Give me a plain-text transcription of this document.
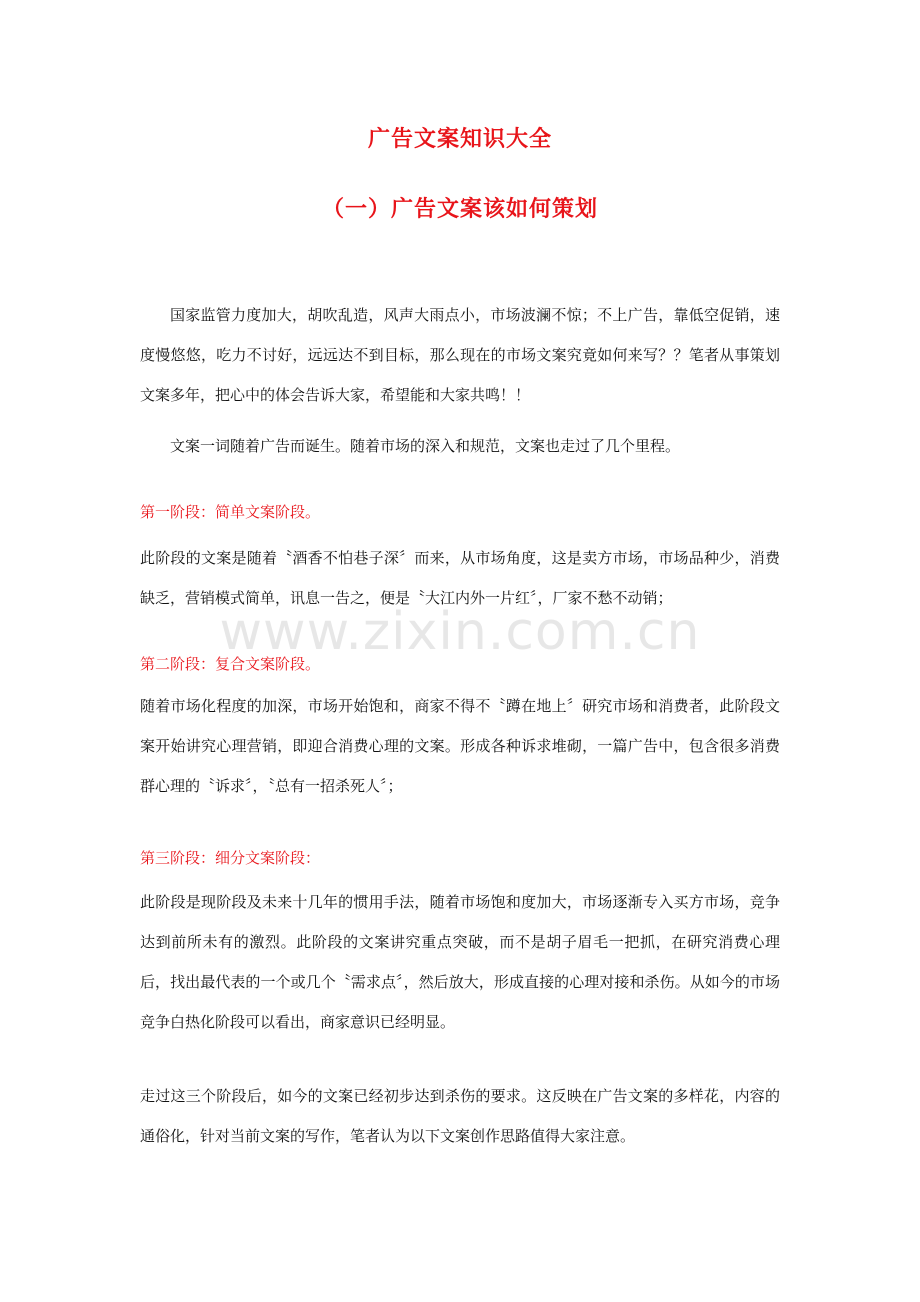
广告文案知识大全
（一）广告文案该如何策划

国家监管力度加大，胡吹乱造，风声大雨点小，市场波澜不惊；不上广告，靠低空促销，速度慢悠悠，吃力不讨好，远远达不到目标，那么现在的市场文案究竟如何来写？？笔者从事策划文案多年，把心中的体会告诉大家，希望能和大家共鸣！！

文案一词随着广告而诞生。随着市场的深入和规范，文案也走过了几个里程。

第一阶段：简单文案阶段。

此阶段的文案是随着〝酒香不怕巷子深〞而来，从市场角度，这是卖方市场，市场品种少，消费缺乏，营销模式简单，讯息一告之，便是〝大江内外一片红〞，厂家不愁不动销；

第二阶段：复合文案阶段。

随着市场化程度的加深，市场开始饱和，商家不得不〝蹲在地上〞研究市场和消费者，此阶段文案开始讲究心理营销，即迎合消费心理的文案。形成各种诉求堆砌，一篇广告中，包含很多消费群心理的〝诉求〞，〝总有一招杀死人〞；

第三阶段：细分文案阶段：

此阶段是现阶段及未来十几年的惯用手法，随着市场饱和度加大，市场逐渐专入买方市场，竞争达到前所未有的激烈。此阶段的文案讲究重点突破，而不是胡子眉毛一把抓，在研究消费心理后，找出最代表的一个或几个〝需求点〞，然后放大，形成直接的心理对接和杀伤。从如今的市场竞争白热化阶段可以看出，商家意识已经明显。

走过这三个阶段后，如今的文案已经初步达到杀伤的要求。这反映在广告文案的多样花，内容的通俗化，针对当前文案的写作，笔者认为以下文案创作思路值得大家注意。

www.zixin.com.cn
